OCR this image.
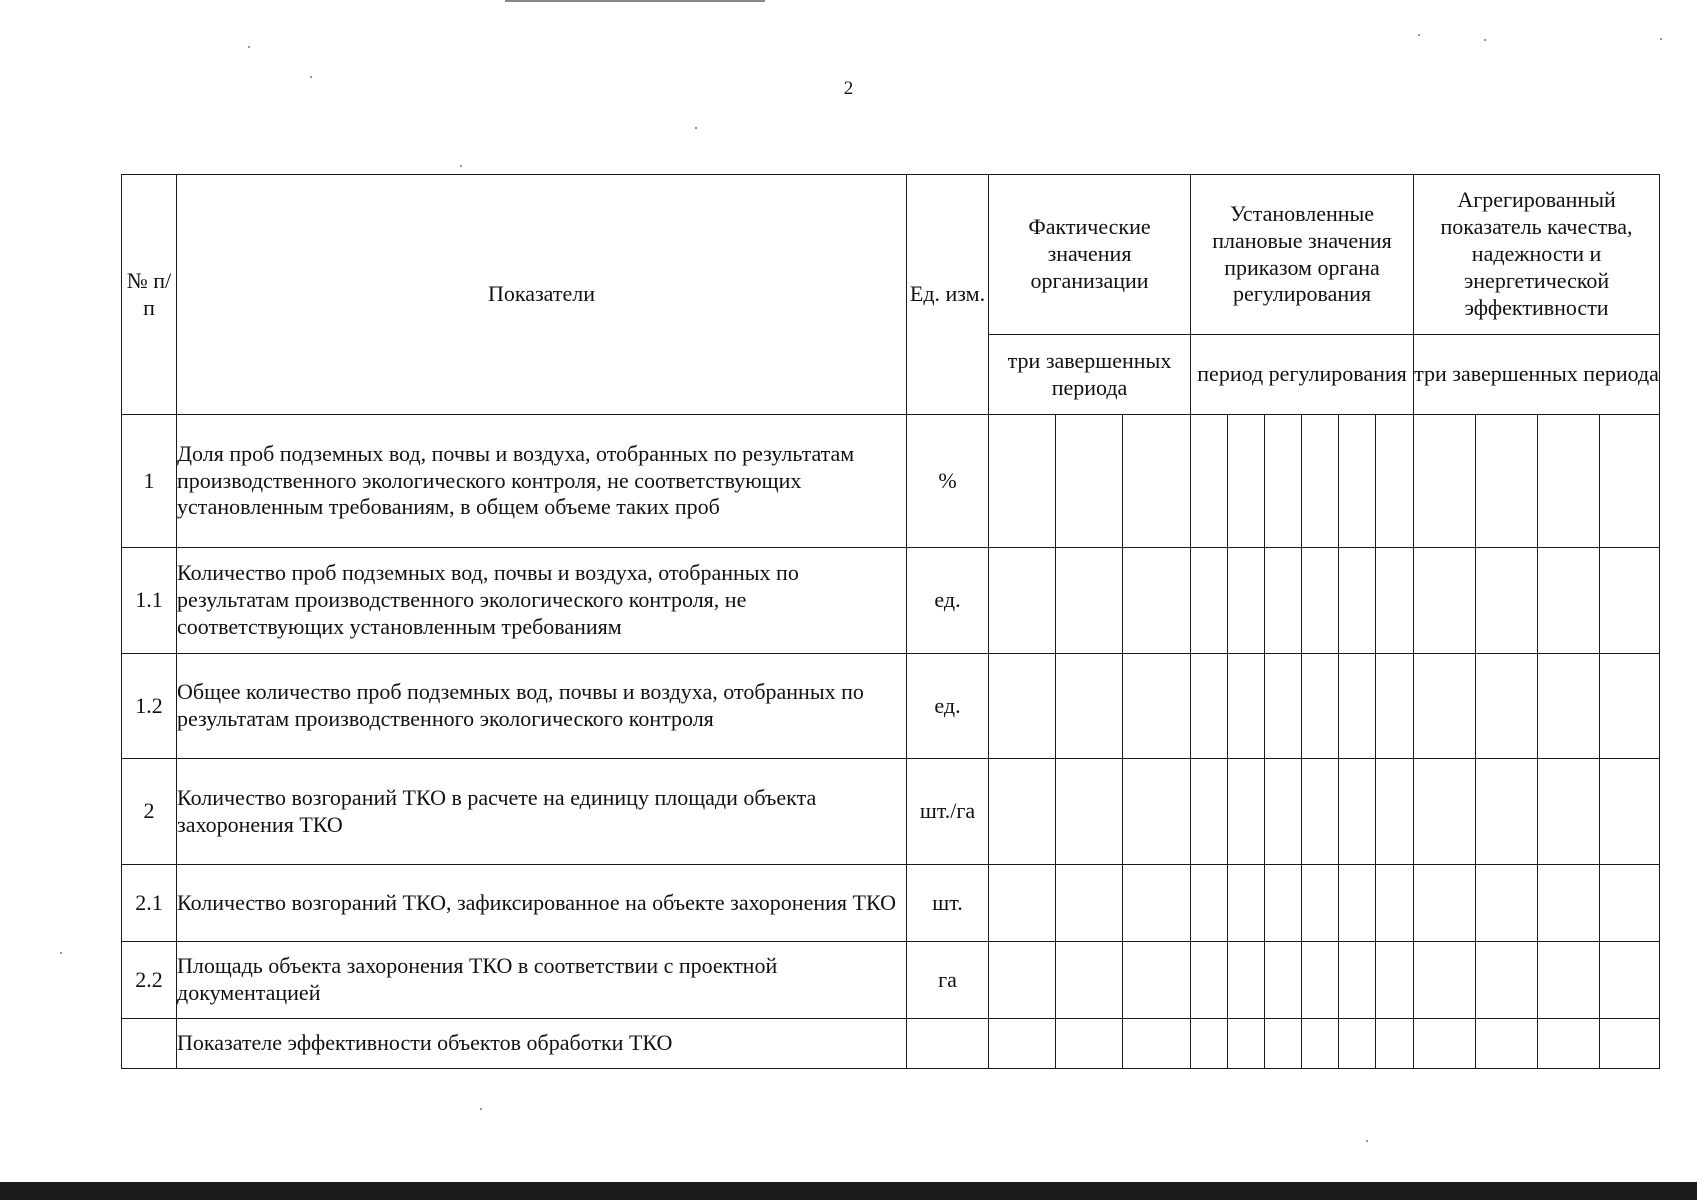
2
№ п/п	Показатели	Ед. изм.	Фактические значения организации			Установленные плановые значения приказом органа регулирования						Агрегированный показатель качества, надежности и энергетической эффективности			
			три завершенных периода			период регулирования						три завершенных периода			
1	Доля проб подземных вод, почвы и воздуха, отобранных по результатам производственного экологического контроля, не соответствующих установленным требованиям, в общем объеме таких проб	%													
1.1	Количество проб подземных вод, почвы и воздуха, отобранных по результатам производственного экологического контроля, не соответствующих установленным требованиям	ед.													
1.2	Общее количество проб подземных вод, почвы и воздуха, отобранных по результатам производственного экологического контроля	ед.													
2	Количество возгораний ТКО в расчете на единицу площади объекта захоронения ТКО	шт./га													
2.1	Количество возгораний ТКО, зафиксированное на объекте захоронения ТКО	шт.													
2.2	Площадь объекта захоронения ТКО в соответствии с проектной документацией	га													
	Показателе эффективности объектов обработки ТКО														
